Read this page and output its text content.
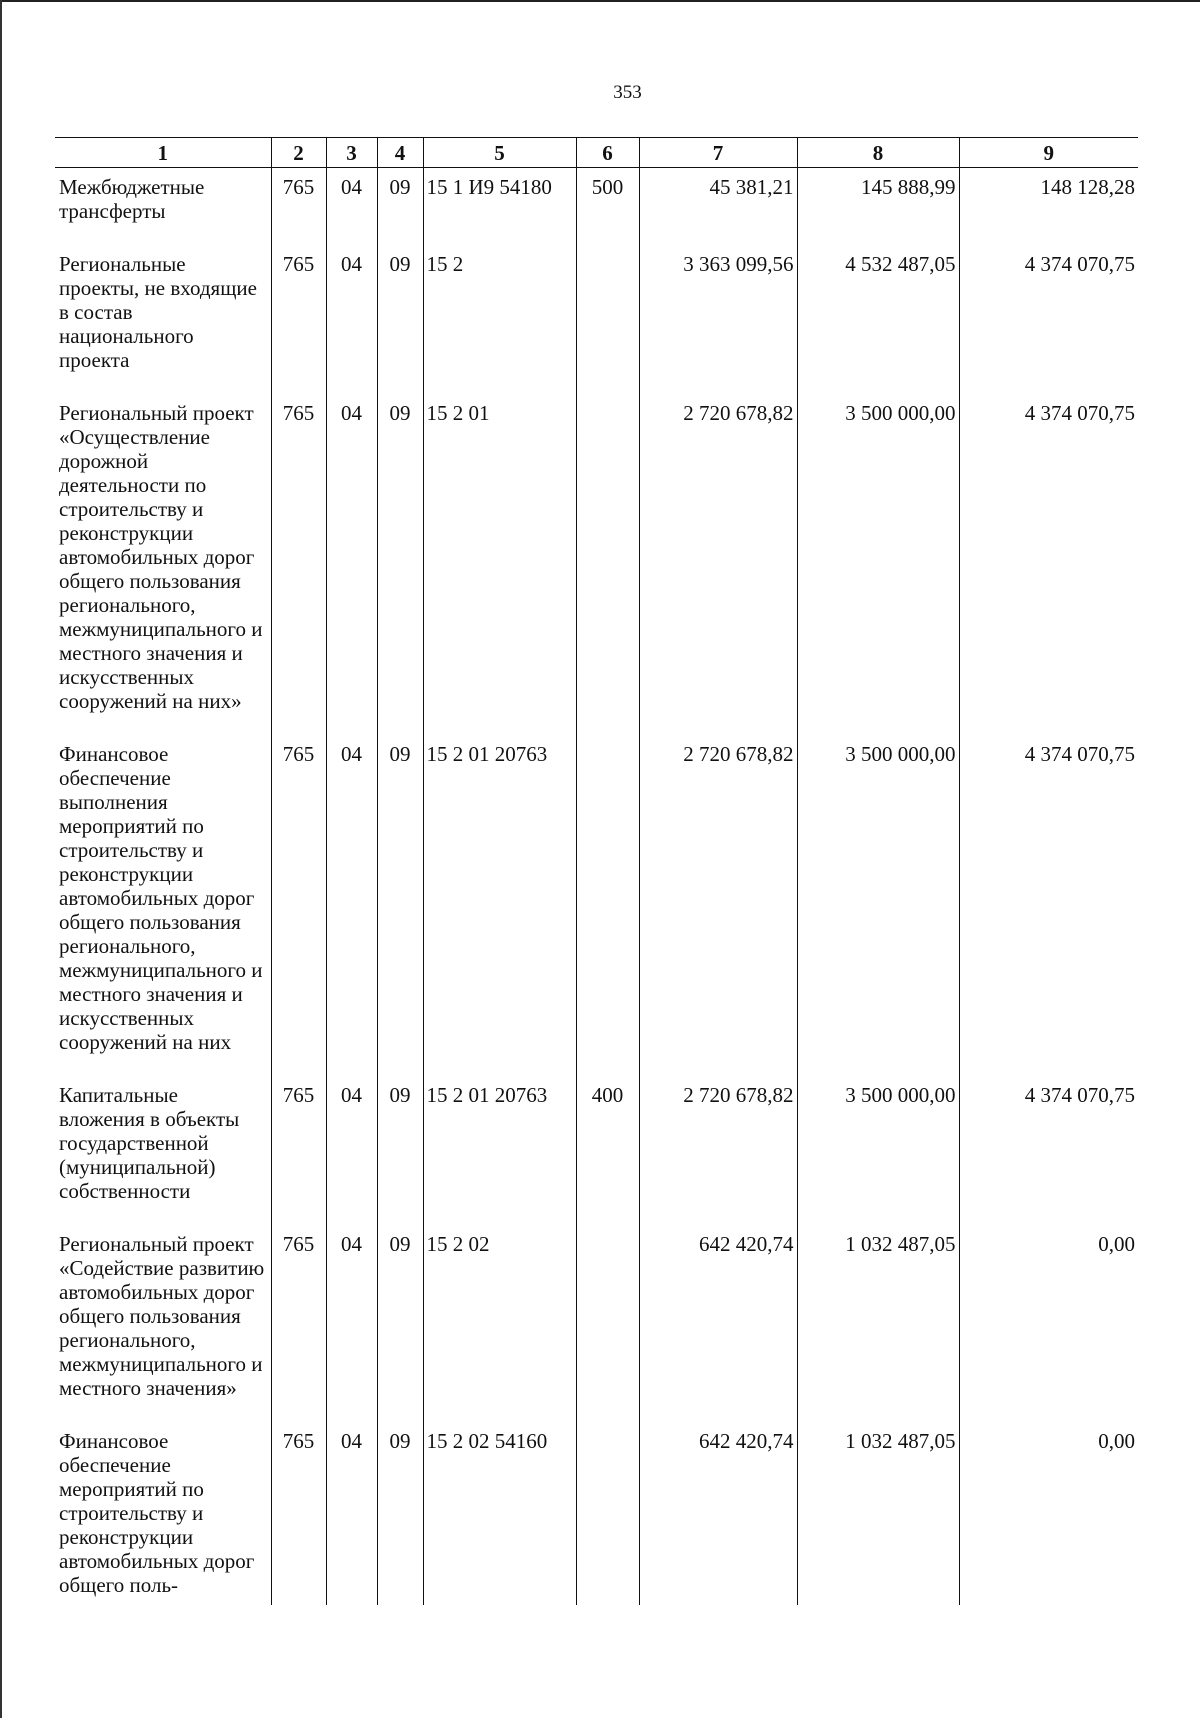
353
1	2	3	4	5	6	7	8	9
Межбюджетные трансферты	765	04	09	15 1 И9 54180	500	45 381,21	145 888,99	148 128,28
Региональные проекты, не входящие в состав национального проекта	765	04	09	15 2		3 363 099,56	4 532 487,05	4 374 070,75
Региональный проект «Осуществление дорожной деятельности по строительству и реконструкции автомобильных дорог общего пользования регионального, межмуниципального и местного значения и искусственных сооружений на них»	765	04	09	15 2 01		2 720 678,82	3 500 000,00	4 374 070,75
Финансовое обеспечение выполнения мероприятий по строительству и реконструкции автомобильных дорог общего пользования регионального, межмуниципального и местного значения и искусственных сооружений на них	765	04	09	15 2 01 20763		2 720 678,82	3 500 000,00	4 374 070,75
Капитальные вложения в объекты государственной (муниципальной) собственности	765	04	09	15 2 01 20763	400	2 720 678,82	3 500 000,00	4 374 070,75
Региональный проект «Содействие развитию автомобильных дорог общего пользования регионального, межмуниципального и местного значения»	765	04	09	15 2 02		642 420,74	1 032 487,05	0,00
Финансовое обеспечение мероприятий по строительству и реконструкции автомобильных дорог общего поль-	765	04	09	15 2 02 54160		642 420,74	1 032 487,05	0,00
